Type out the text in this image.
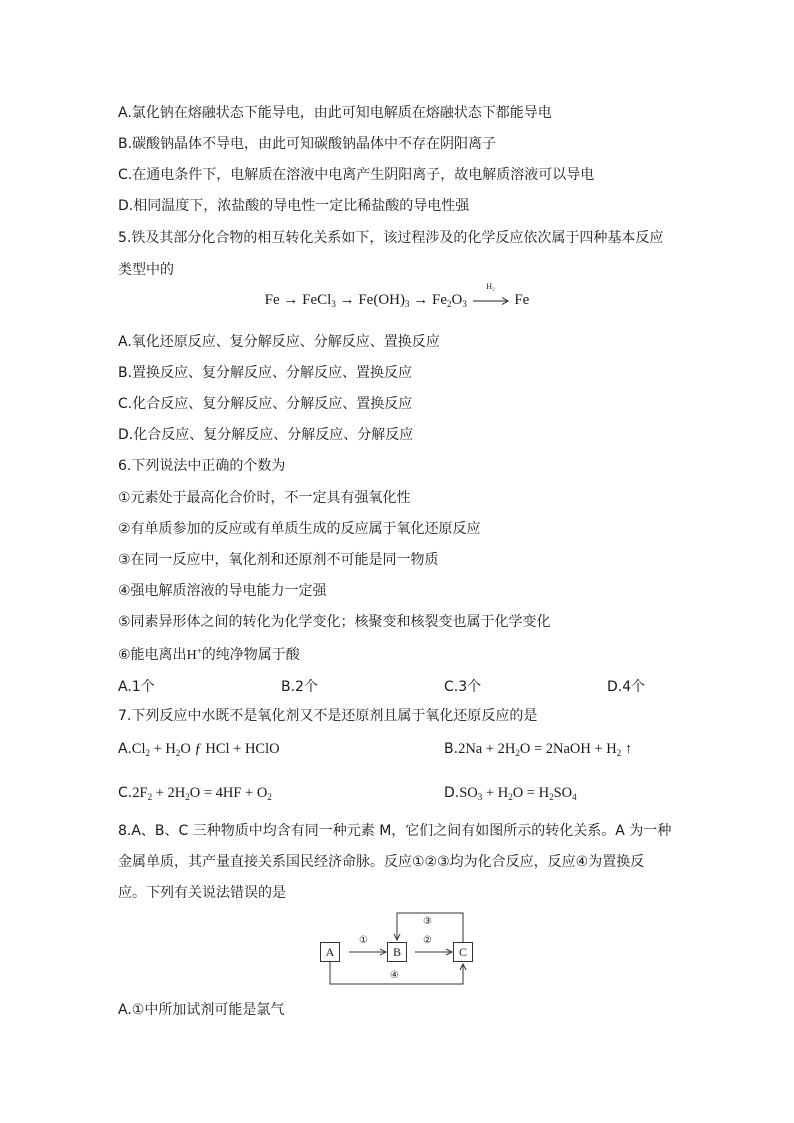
A.氯化钠在熔融状态下能导电，由此可知电解质在熔融状态下都能导电
B.碳酸钠晶体不导电，由此可知碳酸钠晶体中不存在阴阳离子
C.在通电条件下，电解质在溶液中电离产生阴阳离子，故电解质溶液可以导电
D.相同温度下，浓盐酸的导电性一定比稀盐酸的导电性强
5.铁及其部分化合物的相互转化关系如下，该过程涉及的化学反应依次属于四种基本反应
类型中的
Fe → FeCl$_3$ → $Fe(OH)_3 \to Fe_2O_3$
H₂
Fe
A.氧化还原反应、复分解反应、分解反应、置换反应
B.置换反应、复分解反应、分解反应、置换反应
C.化合反应、复分解反应、分解反应、置换反应
D.化合反应、复分解反应、分解反应、分解反应
6.下列说法中正确的个数为
①元素处于最高化合价时，不一定具有强氧化性
②有单质参加的反应或有单质生成的反应属于氧化还原反应
③在同一反应中，氧化剂和还原剂不可能是同一物质
④强电解质溶液的导电能力一定强
⑤同素异形体之间的转化为化学变化；核聚变和核裂变也属于化学变化
⑥能电离出H+的纯净物属于酸
A.1个	B.2个	C.3个	D.4个
7.下列反应中水既不是氧化剂又不是还原剂且属于氧化还原反应的是
$A.Cl_2 + H_2O$ ƒ HCl + HClO	$B.2Na + 2H_2O$ = 2NaOH + $H_2$ ↑
$C.2F_2 + 2H_2O = 4HF + O_2$	$D.SO_3 + H_2O = H_2SO_4$
8.A、B、C 三种物质中均含有同一种元素 M，它们之间有如图所示的转化关系。A 为一种
金属单质，其产量直接关系国民经济命脉。反应①②③均为化合反应，反应④为置换反
应。下列有关说法错误的是
A	B	C
①	②
③
④
A.①中所加试剂可能是氯气
